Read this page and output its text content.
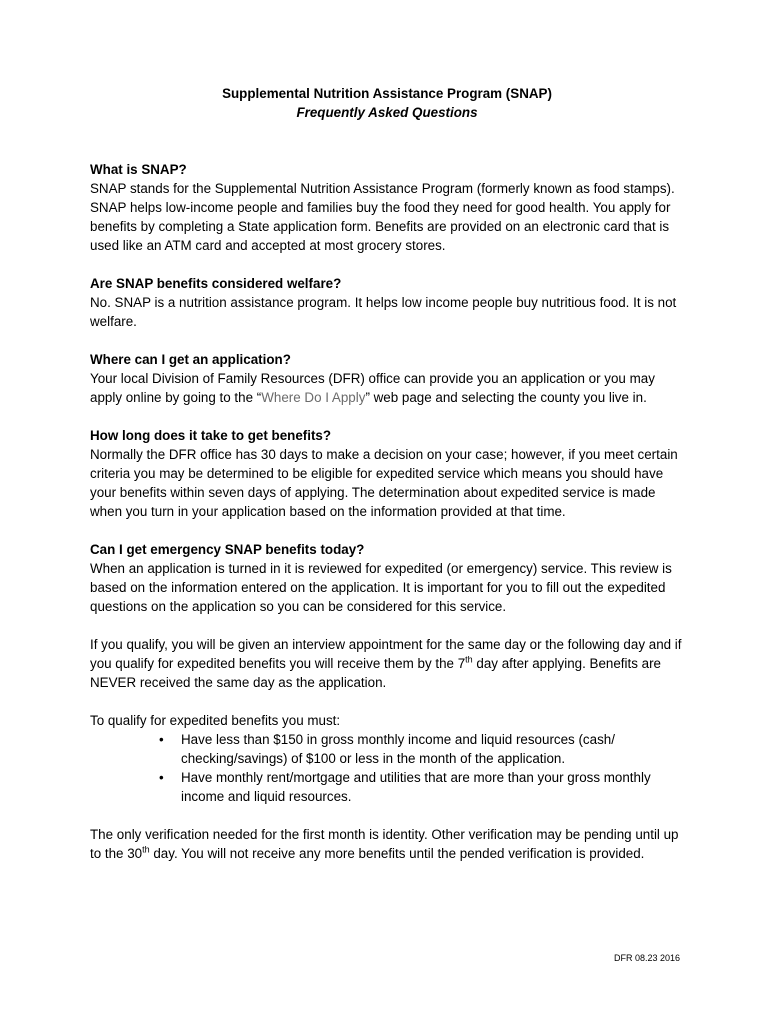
Supplemental Nutrition Assistance Program (SNAP)
Frequently Asked Questions
What is SNAP?
SNAP stands for the Supplemental Nutrition Assistance Program (formerly known as food stamps). SNAP helps low-income people and families buy the food they need for good health. You apply for benefits by completing a State application form. Benefits are provided on an electronic card that is used like an ATM card and accepted at most grocery stores.
Are SNAP benefits considered welfare?
No. SNAP is a nutrition assistance program. It helps low income people buy nutritious food. It is not welfare.
Where can I get an application?
Your local Division of Family Resources (DFR) office can provide you an application or you may apply online by going to the “Where Do I Apply” web page and selecting the county you live in.
How long does it take to get benefits?
Normally the DFR office has 30 days to make a decision on your case; however, if you meet certain criteria you may be determined to be eligible for expedited service which means you should have your benefits within seven days of applying. The determination about expedited service is made when you turn in your application based on the information provided at that time.
Can I get emergency SNAP benefits today?
When an application is turned in it is reviewed for expedited (or emergency) service. This review is based on the information entered on the application. It is important for you to fill out the expedited questions on the application so you can be considered for this service.
If you qualify, you will be given an interview appointment for the same day or the following day and if you qualify for expedited benefits you will receive them by the 7th day after applying. Benefits are NEVER received the same day as the application.
To qualify for expedited benefits you must:
• Have less than $150 in gross monthly income and liquid resources (cash/ checking/savings) of $100 or less in the month of the application.
• Have monthly rent/mortgage and utilities that are more than your gross monthly income and liquid resources.
The only verification needed for the first month is identity. Other verification may be pending until up to the 30th day. You will not receive any more benefits until the pended verification is provided.
DFR 08.23 2016
